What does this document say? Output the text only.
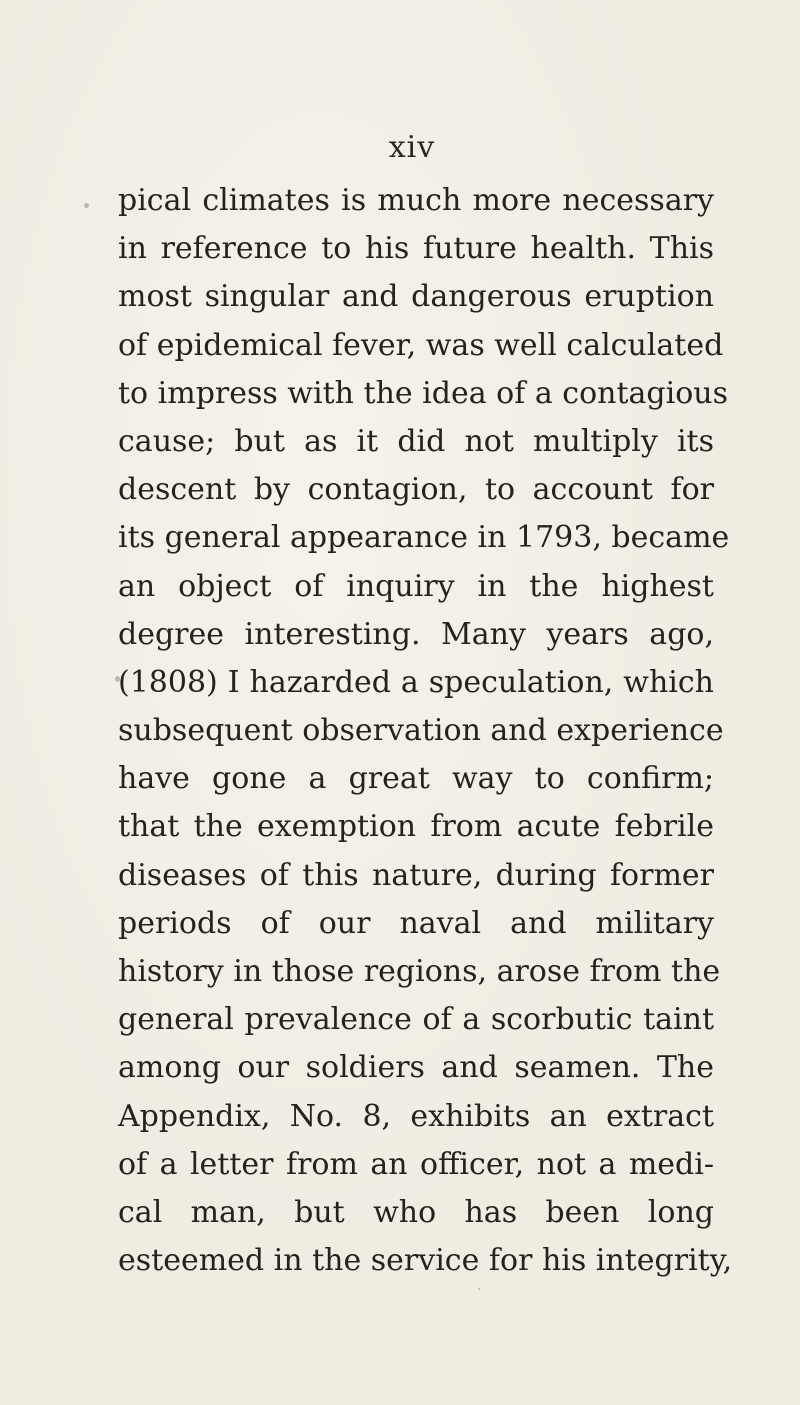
xiv
pical climates is much more necessary
in reference to his future health. This
most singular and dangerous eruption
of epidemical fever, was well calculated
to impress with the idea of a contagious
cause; but as it did not multiply its
descent by contagion, to account for
its general appearance in 1793, became
an object of inquiry in the highest
degree interesting. Many years ago,
(1808) I hazarded a speculation, which
subsequent observation and experience
have gone a great way to confirm;
that the exemption from acute febrile
diseases of this nature, during former
periods of our naval and military
history in those regions, arose from the
general prevalence of a scorbutic taint
among our soldiers and seamen. The
Appendix, No. 8, exhibits an extract
of a letter from an officer, not a medi-
cal man, but who has been long
esteemed in the service for his integrity,
